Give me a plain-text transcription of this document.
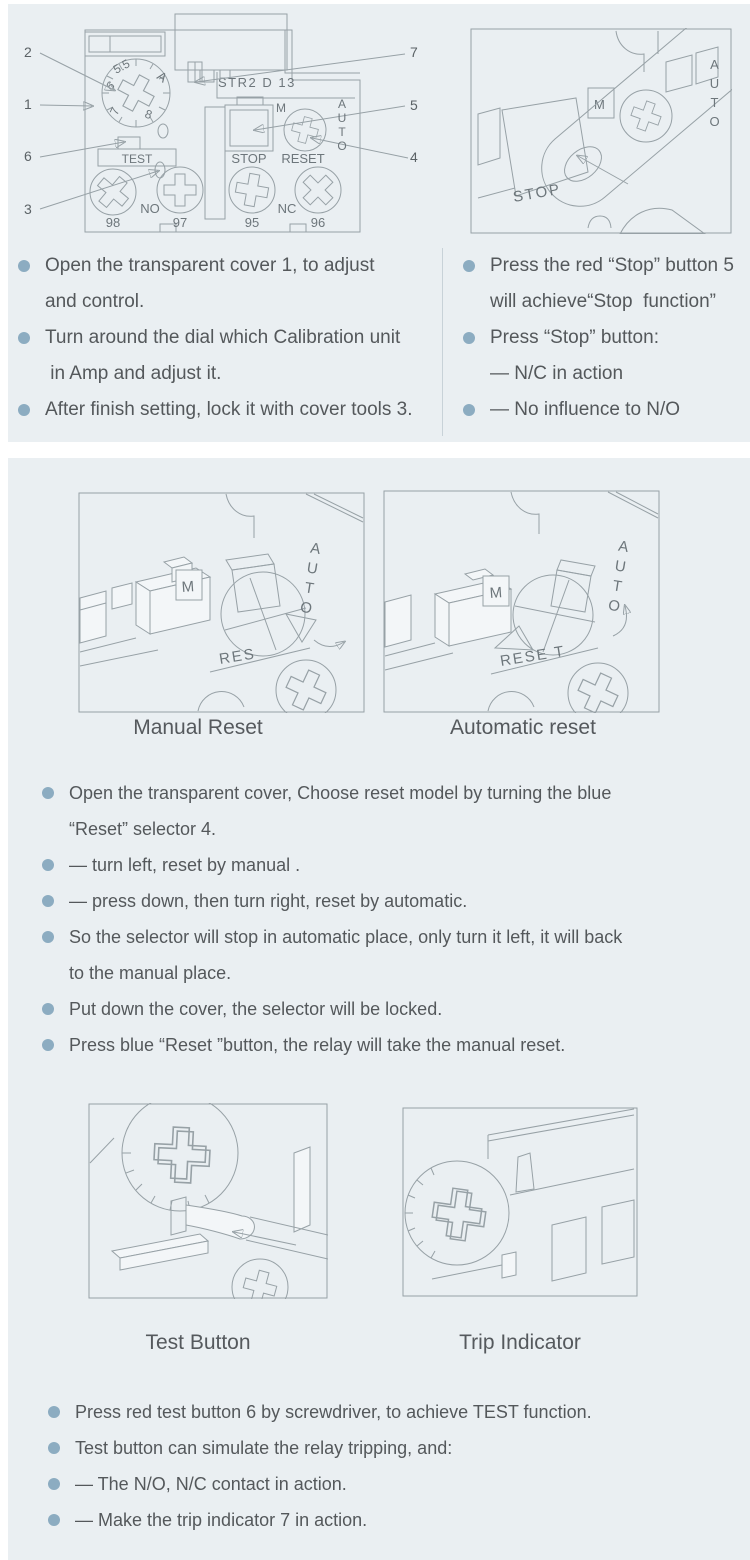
6
5.5
A
7 8
STR2 D 13
STOP
M
RESET
TEST
NO	NC
98	97	95	96
2
1
6
3
7
5
4
AUTO	M
STOP
AUTO
Open the transparent cover 1, to adjust
and control.
Turn around the dial which Calibration unit
in Amp and adjust it.
After finish setting, lock it with cover tools 3.
Press the red “Stop” button 5
will achieve“Stop  function”
Press “Stop” button:
— N/C in action
— No influence to N/O
M
RES
AUTO	M
RESE T
AUTO
Manual Reset	Automatic reset
Open the transparent cover, Choose reset model by turning the blue
“Reset” selector 4.
— turn left, reset by manual .
— press down, then turn right, reset by automatic.
So the selector will stop in automatic place, only turn it left, it will back
to the manual place.
Put down the cover, the selector will be locked.
Press blue “Reset ”button, the relay will take the manual reset.
Test Button	Trip Indicator
Press red test button 6 by screwdriver, to achieve TEST function.
Test button can simulate the relay tripping, and:
— The N/O, N/C contact in action.
— Make the trip indicator 7 in action.
